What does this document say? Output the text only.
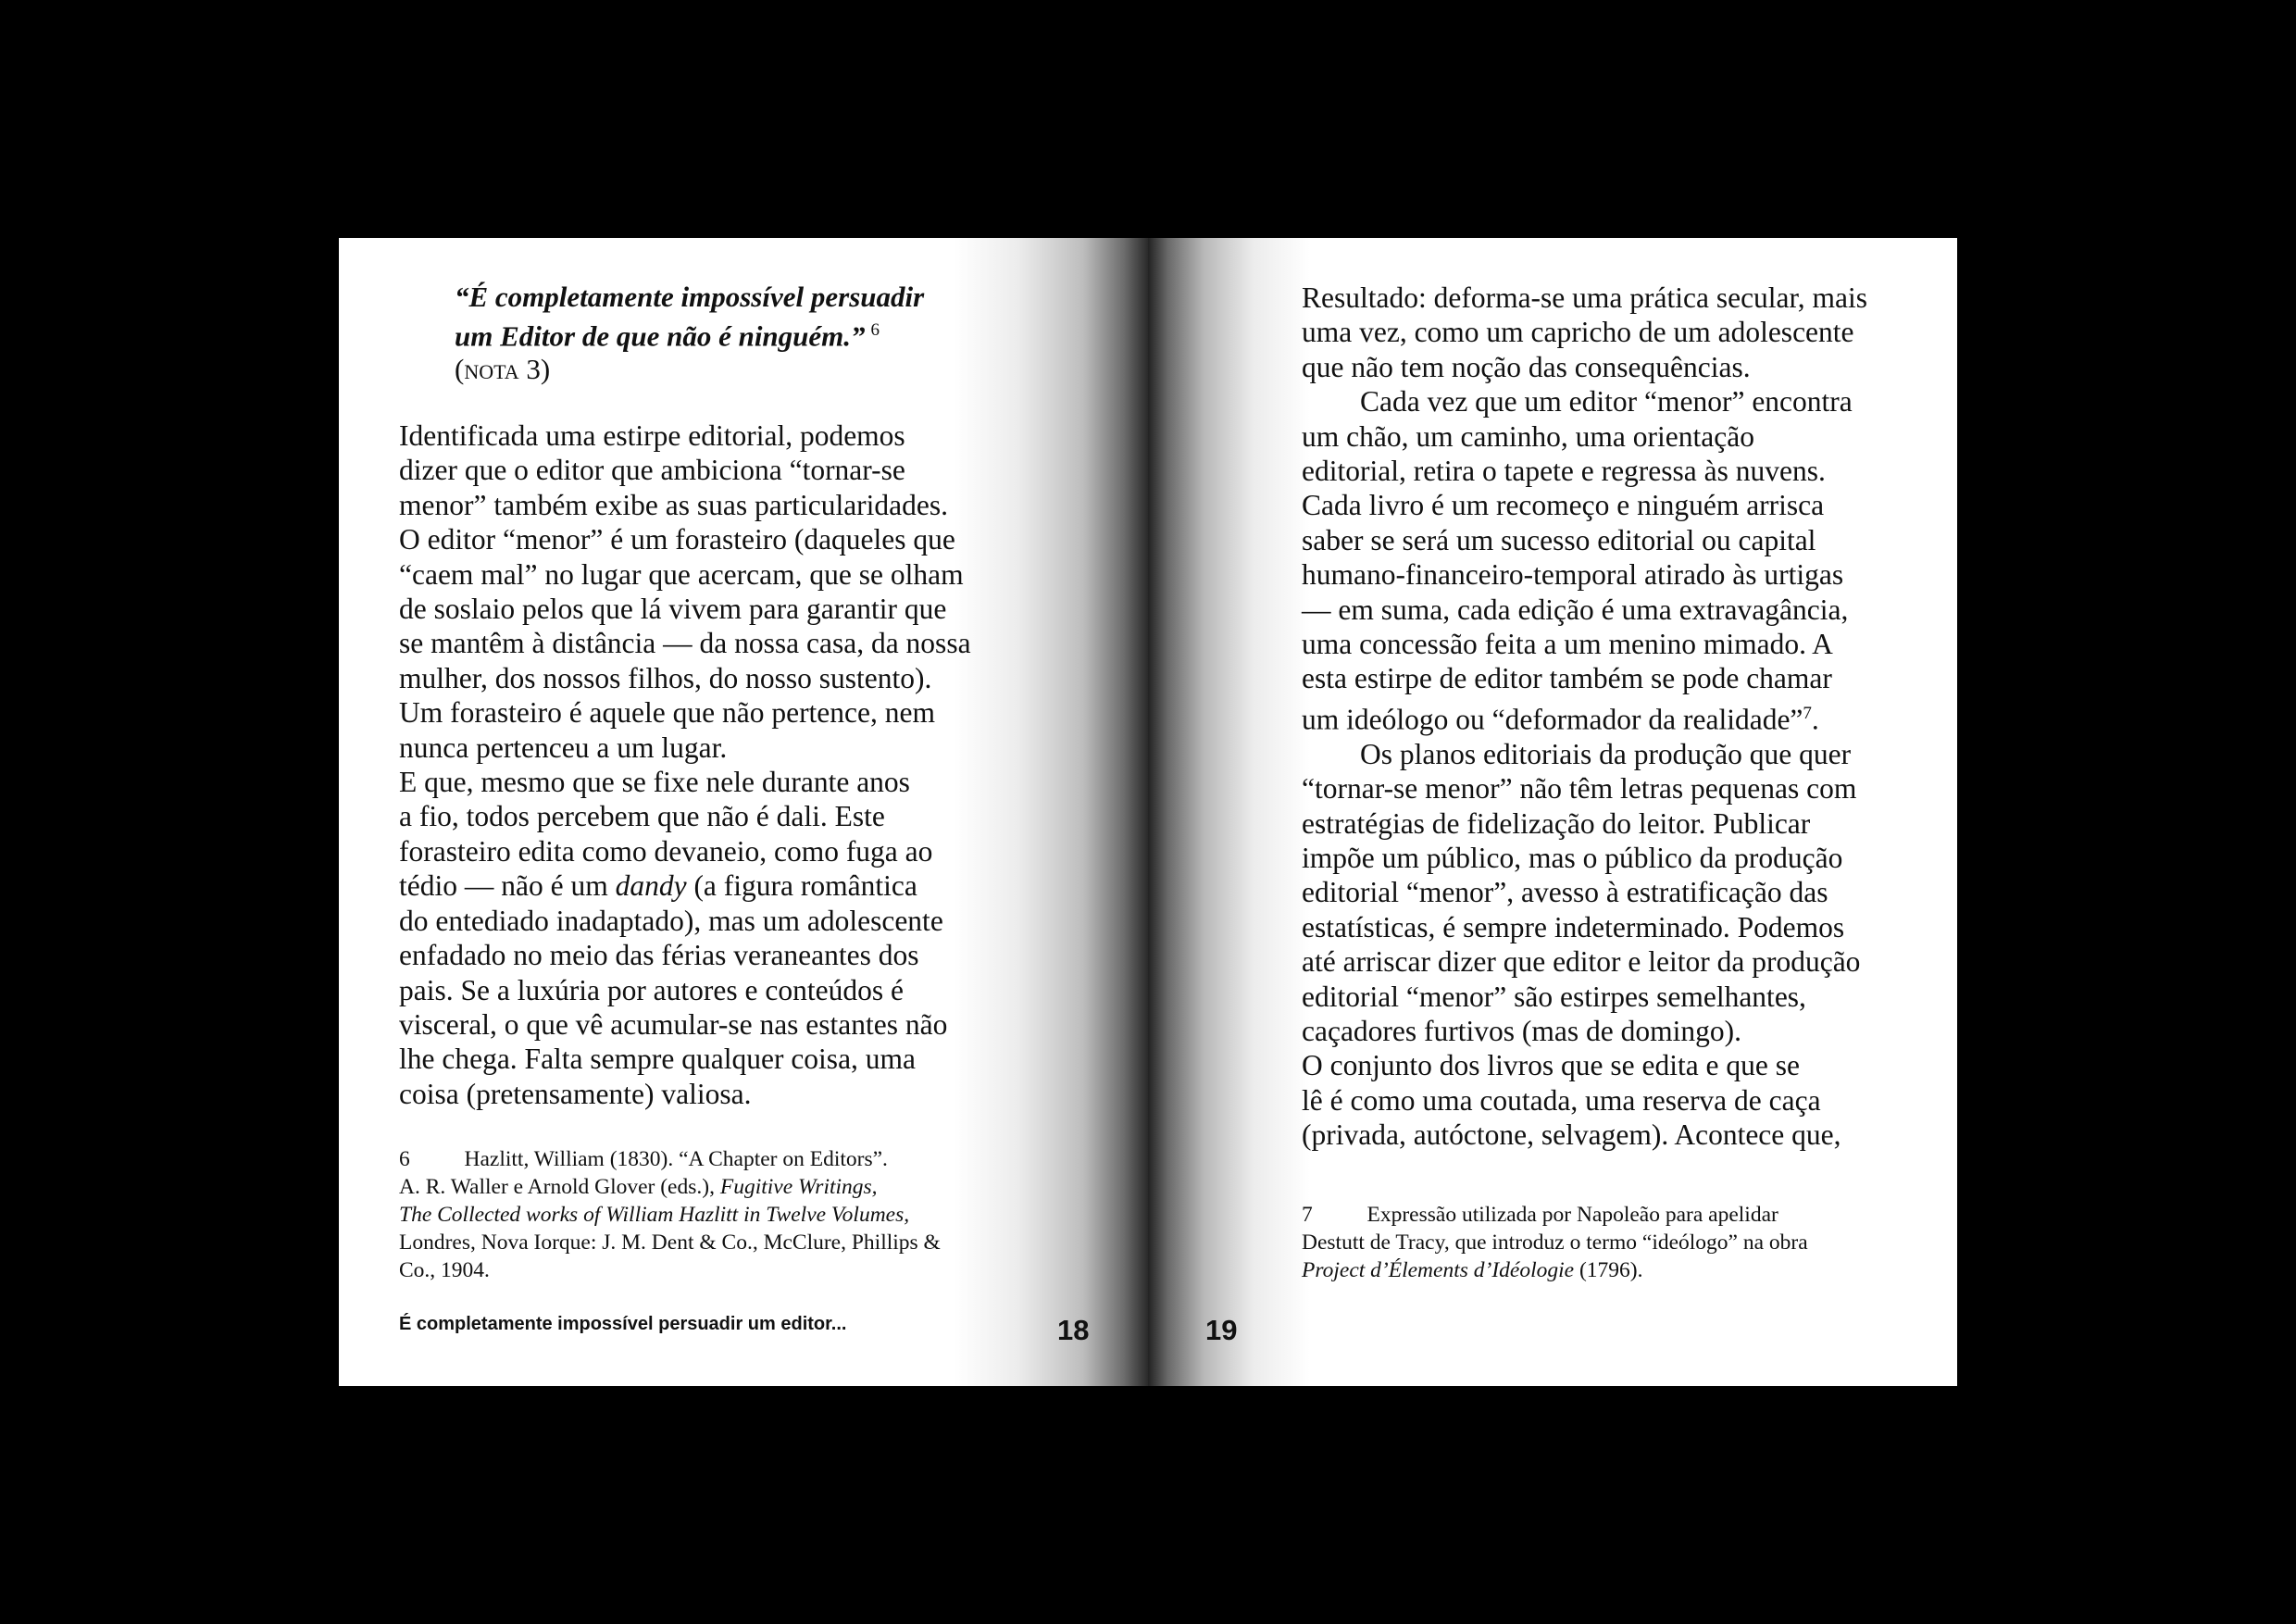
“É completamente impossível persuadir
um Editor de que não é ninguém.” $^6$
(nota 3)
Identificada uma estirpe editorial, podemos
dizer que o editor que ambiciona “tornar-se
menor” também exibe as suas particularidades.
O editor “menor” é um forasteiro (daqueles que
“caem mal” no lugar que acercam, que se olham
de soslaio pelos que lá vivem para garantir que
se mantêm à distância — da nossa casa, da nossa
mulher, dos nossos filhos, do nosso sustento).
Um forasteiro é aquele que não pertence, nem
nunca pertenceu a um lugar.
E que, mesmo que se fixe nele durante anos
a fio, todos percebem que não é dali. Este
forasteiro edita como devaneio, como fuga ao
tédio — não é um dandy (a figura romântica
do entediado inadaptado), mas um adolescente
enfadado no meio das férias veraneantes dos
pais. Se a luxúria por autores e conteúdos é
visceral, o que vê acumular-se nas estantes não
lhe chega. Falta sempre qualquer coisa, uma
coisa (pretensamente) valiosa.
6	Hazlitt, William (1830). “A Chapter on Editors”.
A. R. Waller e Arnold Glover (eds.), Fugitive Writings,
The Collected works of William Hazlitt in Twelve Volumes,
Londres, Nova Iorque: J. M. Dent & Co., McClure, Phillips &
Co., 1904.
É completamente impossível persuadir um editor...	18
Resultado: deforma-se uma prática secular, mais
uma vez, como um capricho de um adolescente
que não tem noção das consequências.
Cada vez que um editor “menor” encontra
um chão, um caminho, uma orientação
editorial, retira o tapete e regressa às nuvens.
Cada livro é um recomeço e ninguém arrisca
saber se será um sucesso editorial ou capital
humano-financeiro-temporal atirado às urtigas
— em suma, cada edição é uma extravagância,
uma concessão feita a um menino mimado. A
esta estirpe de editor também se pode chamar
um ideólogo ou “deformador da realidade”$^7$.
Os planos editoriais da produção que quer
“tornar-se menor” não têm letras pequenas com
estratégias de fidelização do leitor. Publicar
impõe um público, mas o público da produção
editorial “menor”, avesso à estratificação das
estatísticas, é sempre indeterminado. Podemos
até arriscar dizer que editor e leitor da produção
editorial “menor” são estirpes semelhantes,
caçadores furtivos (mas de domingo).
O conjunto dos livros que se edita e que se
lê é como uma coutada, uma reserva de caça
(privada, autóctone, selvagem). Acontece que,
7	Expressão utilizada por Napoleão para apelidar
Destutt de Tracy, que introduz o termo “ideólogo” na obra
Project d’Élements d’Idéologie (1796).
19
